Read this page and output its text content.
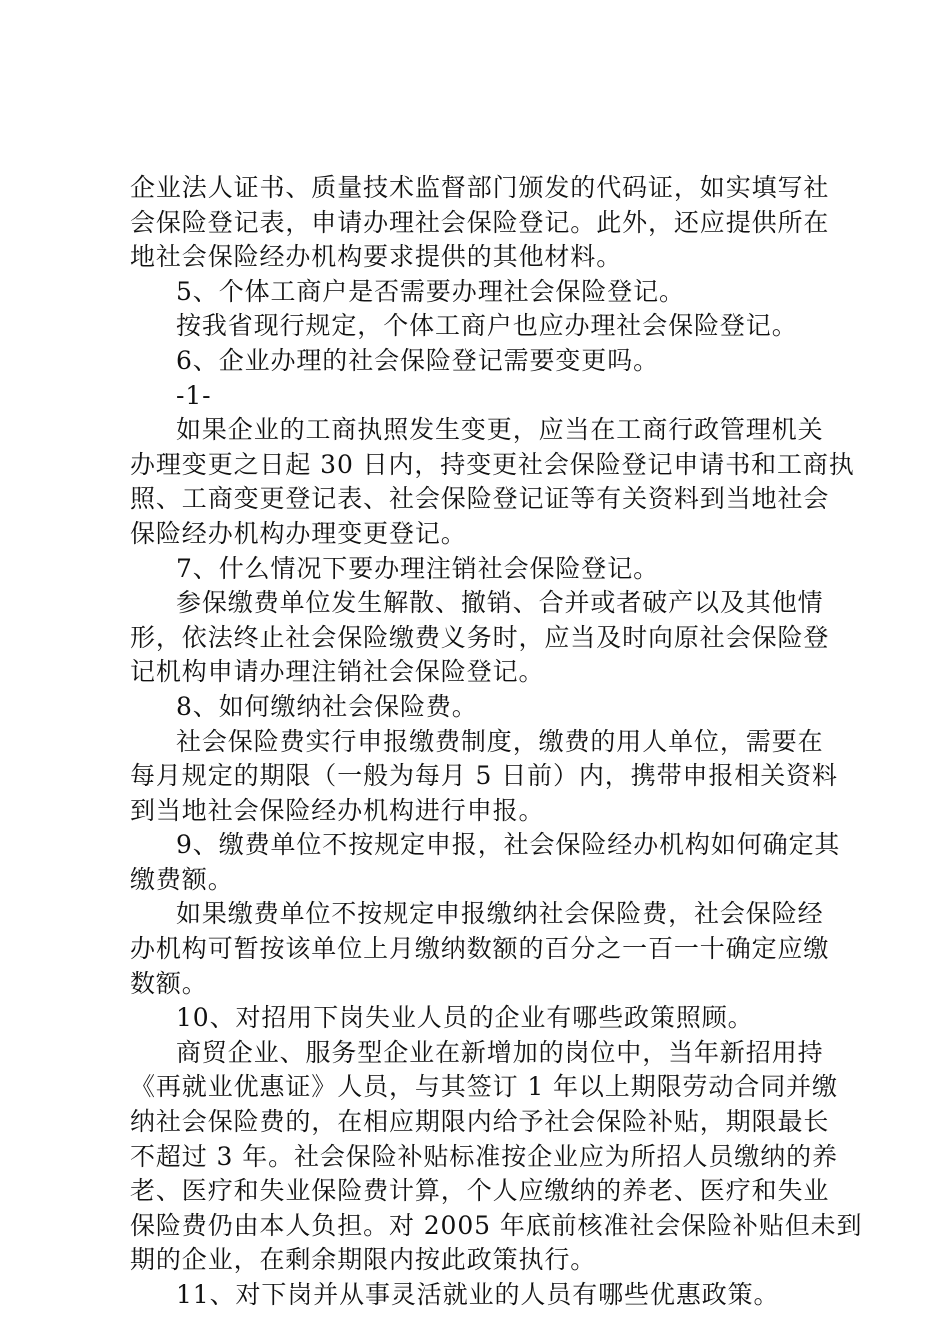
企业法人证书、质量技术监督部门颁发的代码证，如实填写社
会保险登记表，申请办理社会保险登记。此外，还应提供所在
地社会保险经办机构要求提供的其他材料。
5、个体工商户是否需要办理社会保险登记。
按我省现行规定，个体工商户也应办理社会保险登记。
6、企业办理的社会保险登记需要变更吗。
-1-
如果企业的工商执照发生变更，应当在工商行政管理机关
办理变更之日起 30 日内，持变更社会保险登记申请书和工商执
照、工商变更登记表、社会保险登记证等有关资料到当地社会
保险经办机构办理变更登记。
7、什么情况下要办理注销社会保险登记。
参保缴费单位发生解散、撤销、合并或者破产以及其他情
形，依法终止社会保险缴费义务时，应当及时向原社会保险登
记机构申请办理注销社会保险登记。
8、如何缴纳社会保险费。
社会保险费实行申报缴费制度，缴费的用人单位，需要在
每月规定的期限（一般为每月 5 日前）内，携带申报相关资料
到当地社会保险经办机构进行申报。
9、缴费单位不按规定申报，社会保险经办机构如何确定其
缴费额。
如果缴费单位不按规定申报缴纳社会保险费，社会保险经
办机构可暂按该单位上月缴纳数额的百分之一百一十确定应缴
数额。
10、对招用下岗失业人员的企业有哪些政策照顾。
商贸企业、服务型企业在新增加的岗位中，当年新招用持
《再就业优惠证》人员，与其签订 1 年以上期限劳动合同并缴
纳社会保险费的，在相应期限内给予社会保险补贴，期限最长
不超过 3 年。社会保险补贴标准按企业应为所招人员缴纳的养
老、医疗和失业保险费计算，个人应缴纳的养老、医疗和失业
保险费仍由本人负担。对 2005 年底前核准社会保险补贴但未到
期的企业，在剩余期限内按此政策执行。
11、对下岗并从事灵活就业的人员有哪些优惠政策。
